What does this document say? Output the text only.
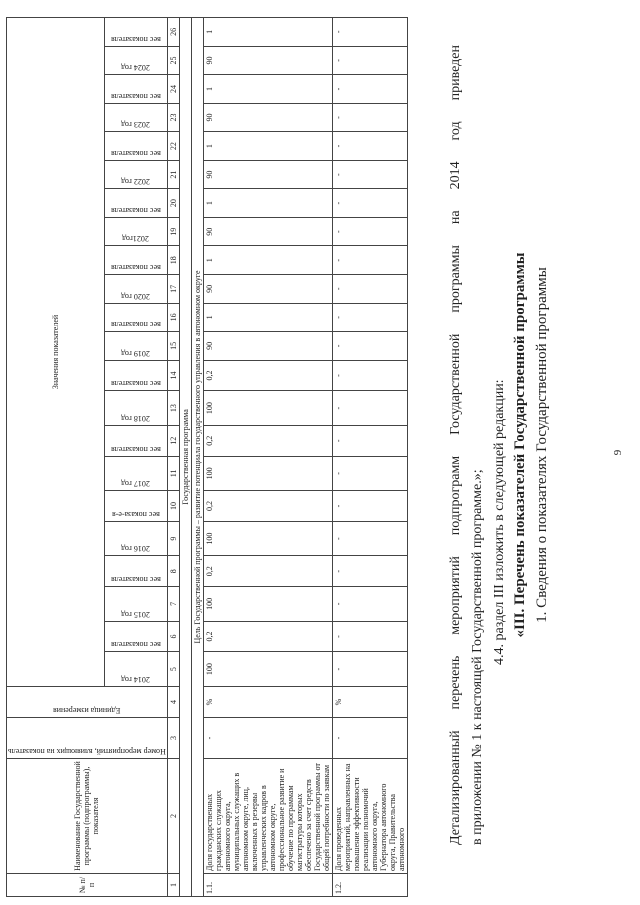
9
№ п/п	Наименование Государственной программы (подпрограммы), показателя	Номер мероприятий, влияющих на показатель	Единица измерения	Значения показателей																					

				2014 год	вес показателя	2015 год	вес показателя	2016 год	вес показа-е-я	2017 год	вес показателя	2018 год	вес показателя	2019 год	вес показателя	2020 год	вес показателя	2021год	вес показателя	2022 год	вес показателя	2023 год	вес показателя	2024 год	вес показателя

1	2	3	4	5	6	7	8	9	10	11	12	13	14	15	16	17	18	19	20	21	22	23	24	25	26
Государственная программа																									
Цель Государственной программы – развитие потенциала государственного управления в автономном округе																									
1.1.	Доля государственных гражданских служащих автономного округа, муниципальных служащих в автономном округе, лиц, включенных в резервы управленческих кадров в автономном округе, профессиональное развитие и обучение по программам магистратуры которых обеспечено за счет средств Государственной программы от общей потребности по заявкам	-	%	100	0,2	100	0,2	100	0,2	100	0,2	100	0,2	90	1	90	1	90	1	90	1	90	1	90	1
1.2.	Доля проведенных мероприятий, направленных на повышение эффективности реализации полномочий автономного округа, Губернатора автономного округа, Правительства автономного	-	%	-	-	-	-	-	-	-	-	-	-	-	-	-	-	-	-	-	-	-	-	-	-
Детализированный перечень мероприятий подпрограмм Государственной программы на 2014 год приведен в приложении № 1 к настоящей Государственной программе.»; 4.4. раздел III изложить в следующей редакции: «III. Перечень показателей Государственной программы 1. Сведения о показателях Государственной программы
